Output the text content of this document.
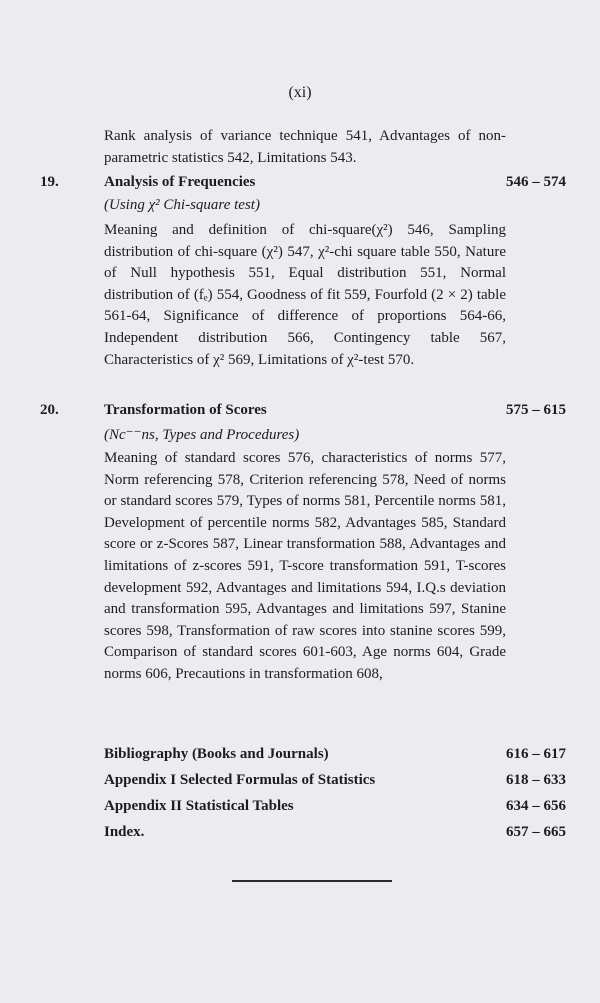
(xi)
Rank analysis of variance technique 541, Advantages of non- parametric statistics 542, Limitations 543.
19.	Analysis of Frequencies	546 – 574
(Using χ² Chi-square test)
Meaning and definition of chi-square(χ²) 546, Sampling distribution of chi-square (χ²) 547, χ²-chi square table 550, Nature of Null hypothesis 551, Equal distribution 551, Normal distribution of (fₑ) 554, Goodness of fit 559, Fourfold (2 × 2) table 561-64, Significance of difference of proportions 564-66, Independent distribution 566, Contingency table 567, Characteristics of χ² 569, Limitations of χ²-test 570.
20.	Transformation of Scores	575 – 615
(Nc⁻⁻ns, Types and Procedures)
Meaning of standard scores 576, characteristics of norms 577, Norm referencing 578, Criterion referencing 578, Need of norms or standard scores 579, Types of norms 581, Percentile norms 581, Development of percentile norms 582, Advantages 585, Standard score or z-Scores 587, Linear transformation 588, Advantages and limitations of z-scores 591, T-score transformation 591, T-scores development 592, Advantages and limitations 594, I.Q.s deviation and transformation 595, Advantages and limitations 597, Stanine scores 598, Transformation of raw scores into stanine scores 599, Comparison of standard scores 601-603, Age norms 604, Grade norms 606, Precautions in transformation 608,
Bibliography (Books and Journals)	616 – 617
Appendix I Selected Formulas of Statistics	618 – 633
Appendix II Statistical Tables	634 – 656
Index.	657 – 665
